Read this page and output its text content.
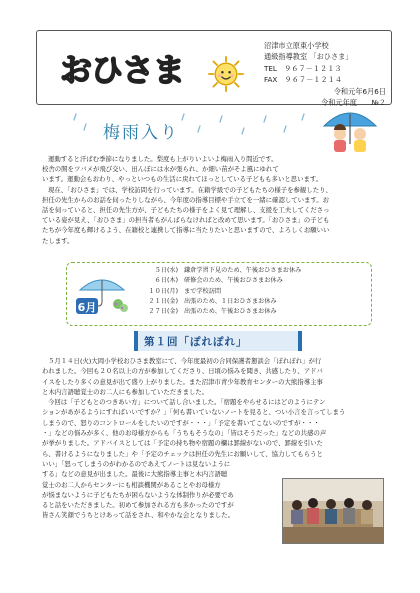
おひさま
沼津市立原東小学校
通級指導教室 「おひさま」
TEL　９６７－１２１３
FAX　９６７－１２１４
令和元年6月6日
令和元年度　　№２
梅雨入り

運動すると汗ばむ季節になりました。梨度も上がりいよいよ梅雨入り間近です。

校舎の開をツバメが飛び交い、田んぼには水が張られ、か細い苗がそよ風にゆれて

います。運動会もおわり、やっといつもの生活に戻れてほっとしている子どもも多いと思います。

現在、「おひさま」では、学校訪問を行っています。在籍学級での子どもたちの様子を参観したり、

担任の先生からのお話を伺ったりしながら、今年度の指導目標や手立てを一緒に確認しています。お

話を伺っていると、担任の先生方が、子どもたちの様子をよく見て理解し、支援を工夫してくださっ

ている姿が見え、「おひさま」の担当者もがんばらなければと改めて思います。「おひさま」の子ども

たちが今年度も輝けるよう、在籍校と連携して指導に当たりたいと思いますので、よろしくお願いい

たします。

6月
５日(水) 鎌倉学習下見のため、午後おひさまお休み
６日(木) 研修会のため、午後おひさまお休み
１０日(月) まで学校訪問
２１日(金) 出張のため、１日おひさまお休み
２７日(金) 出張のため、午後おひさまお休み
第１回「ぽれぽれ」
５月１４日(火)大岡小学校おひさま教室にて、今年度最初の合同保護者懇談会「ぽれぽれ」が行
われました。今回も２０名以上の方が参加してくださり、日頃の悩みを聞き、共感したり、アドバ
イスをしたり多くの意見が出て盛り上がりました。また沼津市青少年教育センターの大熊指導主事
と木内言語聴覚士のお二人にも参加していただきました。
今回は「子どもとのつきあい方」について話し合いました。「宿題をやらせるにはどのようにテン
ションがあがるようにすればいいですか？」「何も書いていないノートを見ると、つい小言を言ってしまう
しまうので、怒りのコントロールをしたいのですが・・・」「予定を書いてこないのですが・・・
・」などの悩みが多く、他のお母様方からも「うちもそうなの」「皆はそうだった」などの共感の声
が挙がりました。アドバイスとしては「予定の持ち物や宿題の欄は罫線がないので、罫線を引いた
ら、書けるようになりました」や「予定のチェックは担任の先生にお願いして、協力してもらうと
いい」「怒ってしまうのがわかるのであえてノートは見ないように
する」などの意見が出ました。最後に大熊指導主事と木内言語聴
覚士のお二人からセンターにも相談機関があることやお母様方
が悩まないように子どもたちが困らないような体制作りが必要であ
ると話をいただきました。初めて参加される方も多かったのですが
皆さん笑顔でうちとけあって話をされ、和やかな会となりました。
